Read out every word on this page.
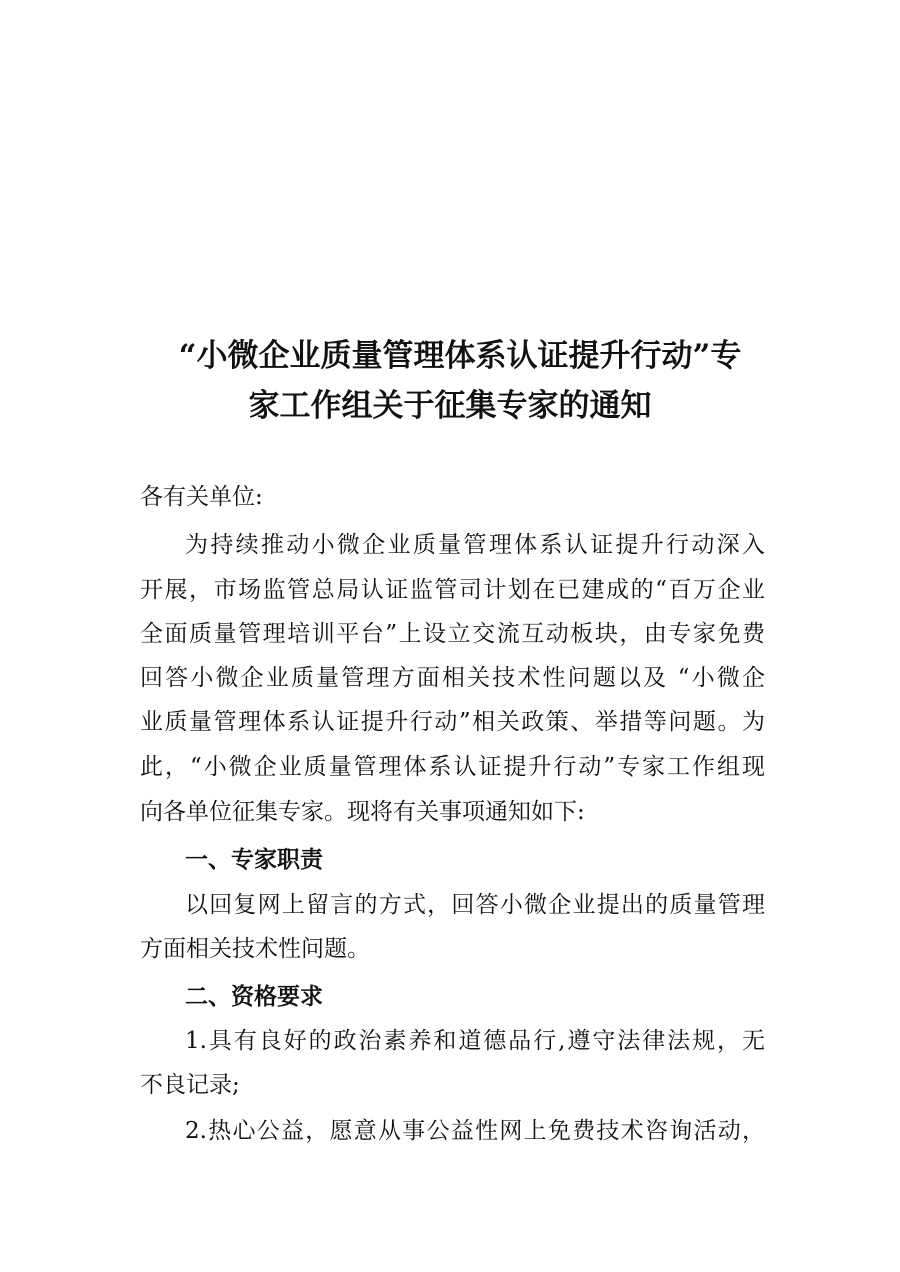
“小微企业质量管理体系认证提升行动”专
家工作组关于征集专家的通知
各有关单位:
为持续推动小微企业质量管理体系认证提升行动深入
开展，市场监管总局认证监管司计划在已建成的“百万企业
全面质量管理培训平台”上设立交流互动板块，由专家免费
回答小微企业质量管理方面相关技术性问题以及 “小微企
业质量管理体系认证提升行动”相关政策、举措等问题。为
此，“小微企业质量管理体系认证提升行动”专家工作组现
向各单位征集专家。现将有关事项通知如下:
一、专家职责
以回复网上留言的方式，回答小微企业提出的质量管理
方面相关技术性问题。
二、资格要求
1.具有良好的政治素养和道德品行,遵守法律法规，无
不良记录;
2.热心公益，愿意从事公益性网上免费技术咨询活动，
